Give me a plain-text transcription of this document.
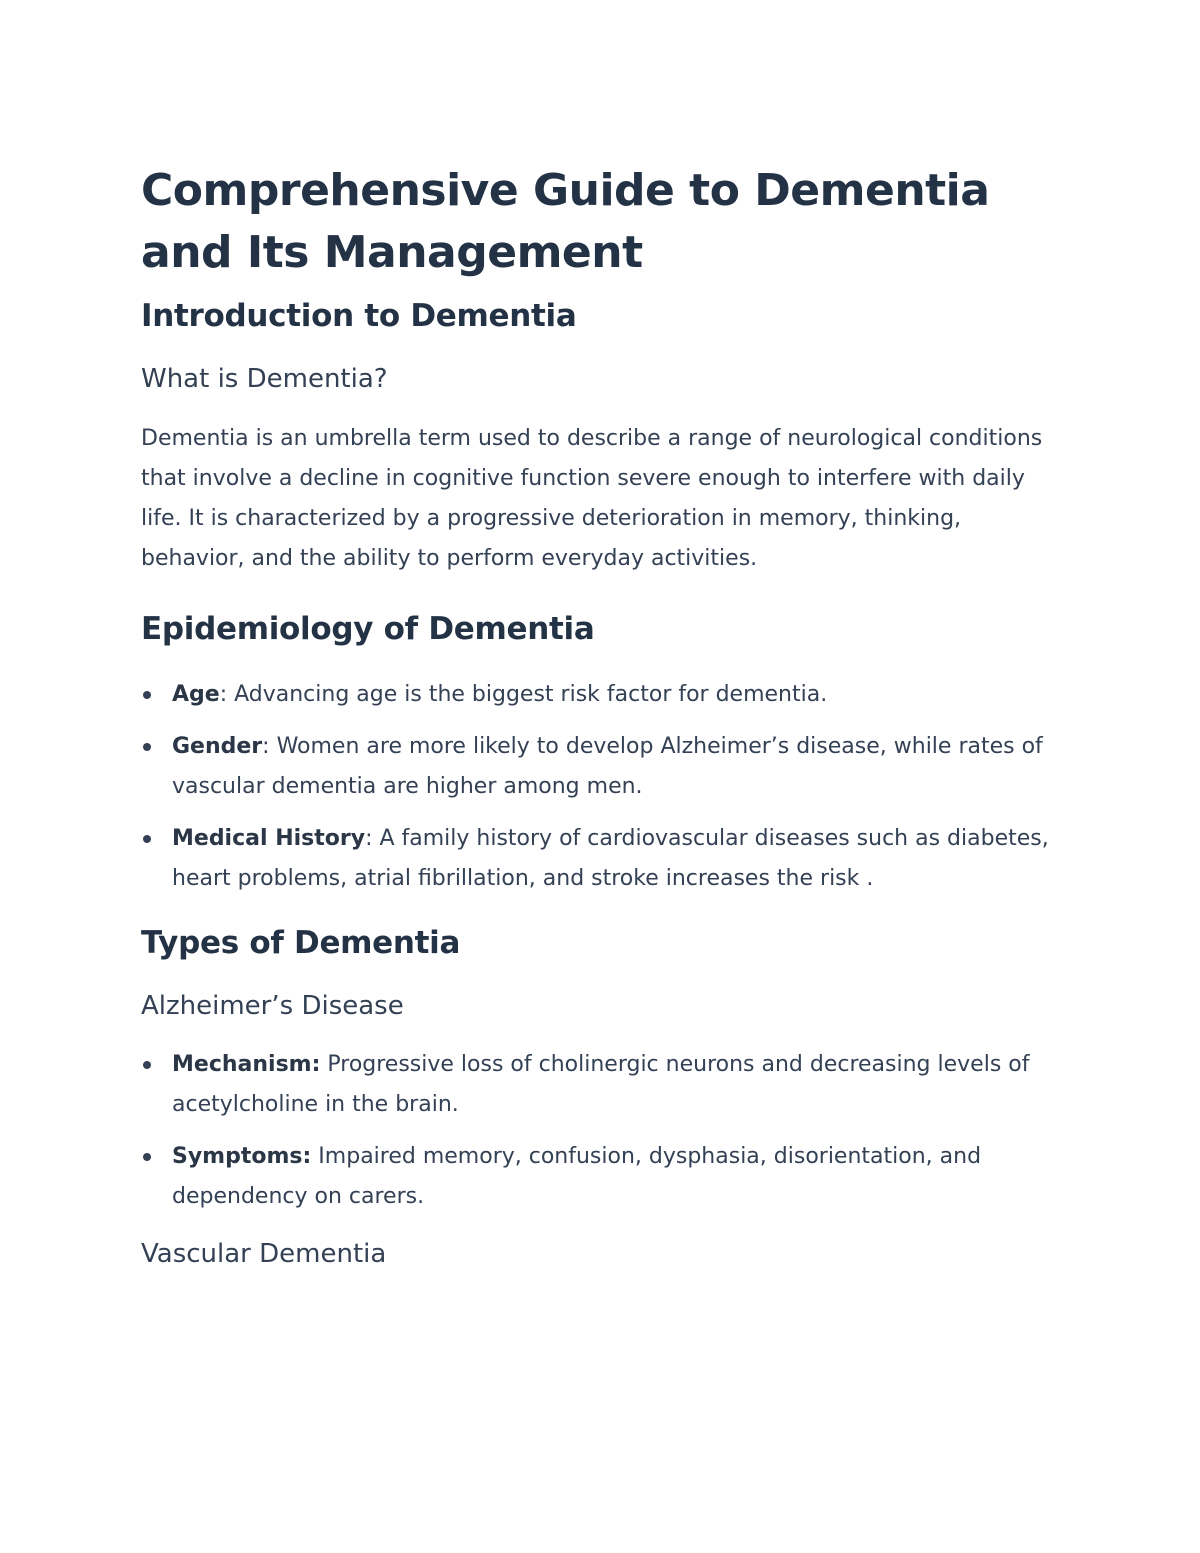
Comprehensive Guide to Dementia and Its Management
Introduction to Dementia
What is Dementia?

Dementia is an umbrella term used to describe a range of neurological conditions that involve a decline in cognitive function severe enough to interfere with daily life. It is characterized by a progressive deterioration in memory, thinking, behavior, and the ability to perform everyday activities.

Epidemiology of Dementia
Age: Advancing age is the biggest risk factor for dementia.
Gender: Women are more likely to develop Alzheimer’s disease, while rates of vascular dementia are higher among men.
Medical History: A family history of cardiovascular diseases such as diabetes, heart problems, atrial fibrillation, and stroke increases the risk .
Types of Dementia
Alzheimer’s Disease
Mechanism: Progressive loss of cholinergic neurons and decreasing levels of acetylcholine in the brain.
Symptoms: Impaired memory, confusion, dysphasia, disorientation, and dependency on carers.
Vascular Dementia
